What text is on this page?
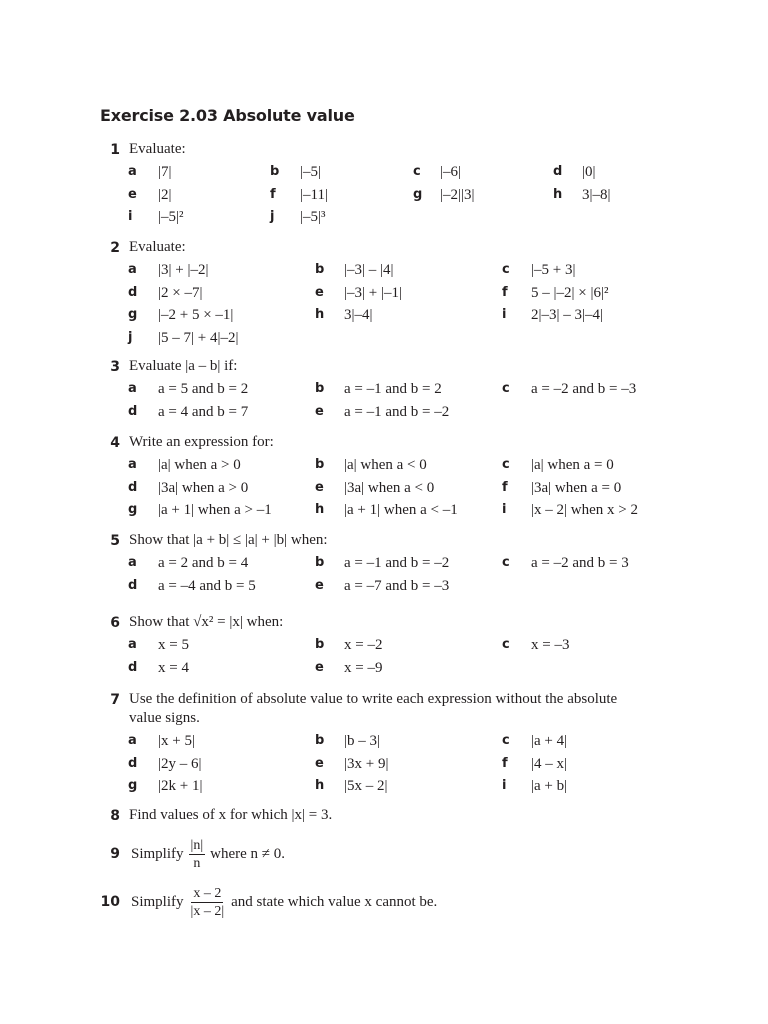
Exercise 2.03 Absolute value
1 Evaluate:
a |7|	b |–5|	c |–6|	d |0|
e |2|	f |–11|	g |–2||3|	h 3|–8|
i |–5|²	j |–5|³
2 Evaluate:
a |3| + |–2|	b |–3| – |4|	c |–5 + 3|
d |2 × –7|	e |–3| + |–1|	f 5 – |–2| × |6|²
g |–2 + 5 × –1|	h 3|–4|	i 2|–3| – 3|–4|
j |5 – 7| + 4|–2|
3 Evaluate |a – b| if:
a a = 5 and b = 2	b a = –1 and b = 2	c a = –2 and b = –3
d a = 4 and b = 7	e a = –1 and b = –2
4 Write an expression for:
a |a| when a > 0	b |a| when a < 0	c |a| when a = 0
d |3a| when a > 0	e |3a| when a < 0	f |3a| when a = 0
g |a + 1| when a > –1	h |a + 1| when a < –1	i |x – 2| when x > 2
5 Show that |a + b| ≤ |a| + |b| when:
a a = 2 and b = 4	b a = –1 and b = –2	c a = –2 and b = 3
d a = –4 and b = 5	e a = –7 and b = –3
6 Show that √x² = |x| when:
a x = 5	b x = –2	c x = –3
d x = 4	e x = –9
7 Use the definition of absolute value to write each expression without the absolute value signs.
a |x + 5|	b |b – 3|	c |a + 4|
d |2y – 6|	e |3x + 9|	f |4 – x|
g |2k + 1|	h |5x – 2|	i |a + b|
8 Find values of x for which |x| = 3.
9 Simplify $\frac{|n|}{n}$ where n ≠ 0.
10 Simplify $\frac{x - 2}{|x - 2|}$ and state which value x cannot be.
